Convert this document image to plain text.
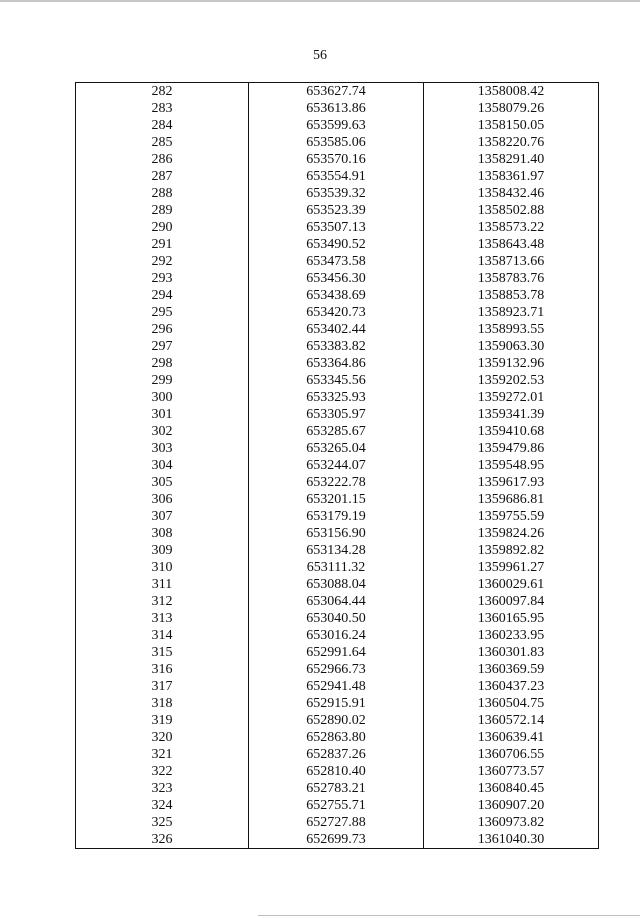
56
282	653627.74	1358008.42
283	653613.86	1358079.26
284	653599.63	1358150.05
285	653585.06	1358220.76
286	653570.16	1358291.40
287	653554.91	1358361.97
288	653539.32	1358432.46
289	653523.39	1358502.88
290	653507.13	1358573.22
291	653490.52	1358643.48
292	653473.58	1358713.66
293	653456.30	1358783.76
294	653438.69	1358853.78
295	653420.73	1358923.71
296	653402.44	1358993.55
297	653383.82	1359063.30
298	653364.86	1359132.96
299	653345.56	1359202.53
300	653325.93	1359272.01
301	653305.97	1359341.39
302	653285.67	1359410.68
303	653265.04	1359479.86
304	653244.07	1359548.95
305	653222.78	1359617.93
306	653201.15	1359686.81
307	653179.19	1359755.59
308	653156.90	1359824.26
309	653134.28	1359892.82
310	653111.32	1359961.27
311	653088.04	1360029.61
312	653064.44	1360097.84
313	653040.50	1360165.95
314	653016.24	1360233.95
315	652991.64	1360301.83
316	652966.73	1360369.59
317	652941.48	1360437.23
318	652915.91	1360504.75
319	652890.02	1360572.14
320	652863.80	1360639.41
321	652837.26	1360706.55
322	652810.40	1360773.57
323	652783.21	1360840.45
324	652755.71	1360907.20
325	652727.88	1360973.82
326	652699.73	1361040.30
